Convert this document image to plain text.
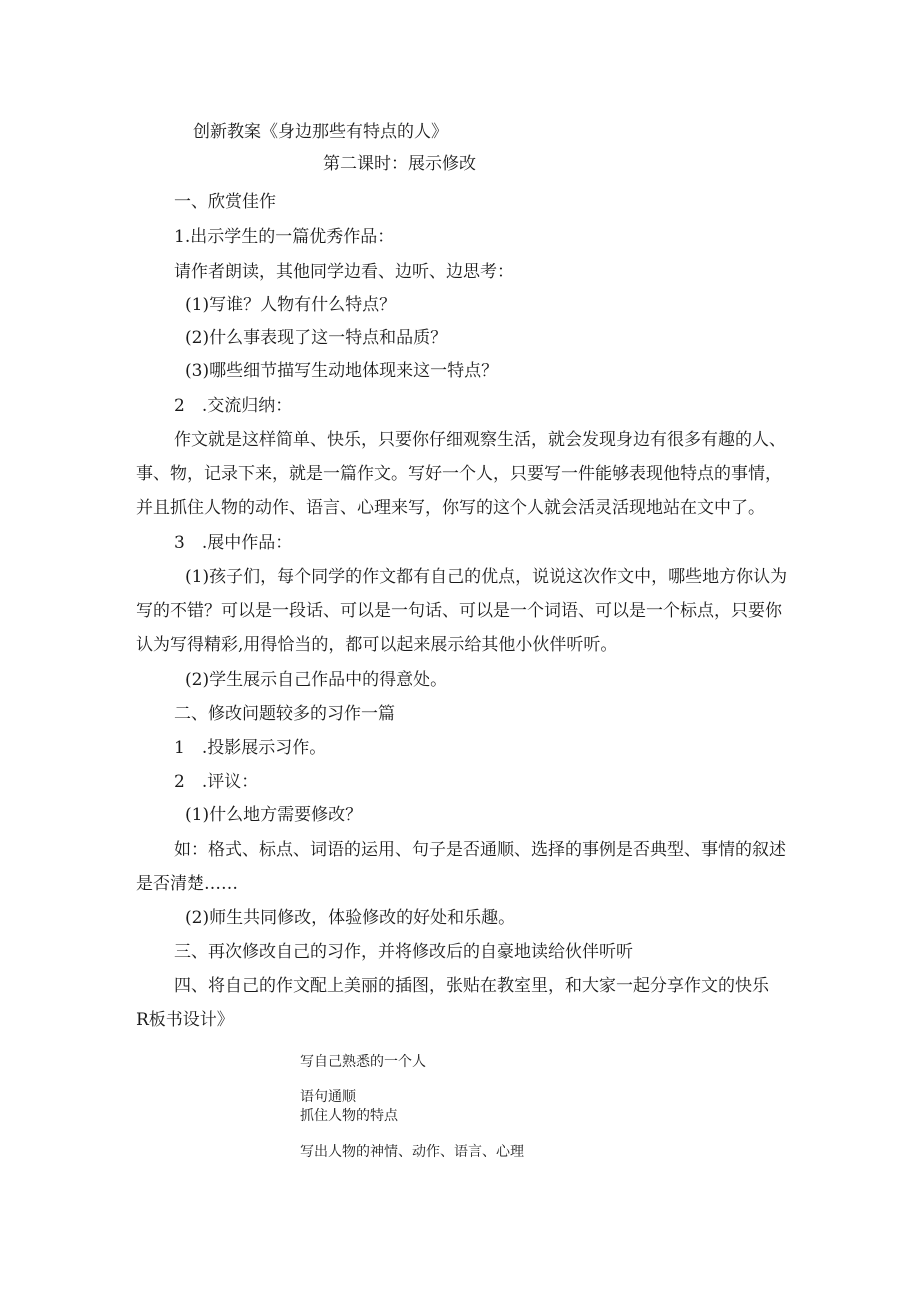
创新教案《身边那些有特点的人》
第二课时：展示修改
一、欣赏佳作
1.出示学生的一篇优秀作品：
请作者朗读，其他同学边看、边听、边思考：
(1)写谁？人物有什么特点？
(2)什么事表现了这一特点和品质？
(3)哪些细节描写生动地体现来这一特点？
2　.交流归纳：
作文就是这样简单、快乐，只要你仔细观察生活，就会发现身边有很多有趣的人、
事、物，记录下来，就是一篇作文。写好一个人，只要写一件能够表现他特点的事情，
并且抓住人物的动作、语言、心理来写，你写的这个人就会活灵活现地站在文中了。
3　.展中作品：
(1)孩子们，每个同学的作文都有自己的优点，说说这次作文中，哪些地方你认为
写的不错？可以是一段话、可以是一句话、可以是一个词语、可以是一个标点，只要你
认为写得精彩,用得恰当的，都可以起来展示给其他小伙伴听听。
(2)学生展示自己作品中的得意处。
二、修改问题较多的习作一篇
1　.投影展示习作。
2　.评议：
(1)什么地方需要修改？
如：格式、标点、词语的运用、句子是否通顺、选择的事例是否典型、事情的叙述
是否清楚……
(2)师生共同修改，体验修改的好处和乐趣。
三、再次修改自己的习作，并将修改后的自豪地读给伙伴听听
四、将自己的作文配上美丽的插图，张贴在教室里，和大家一起分享作文的快乐
R板书设计》
写自己熟悉的一个人
语句通顺
抓住人物的特点
写出人物的神情、动作、语言、心理
